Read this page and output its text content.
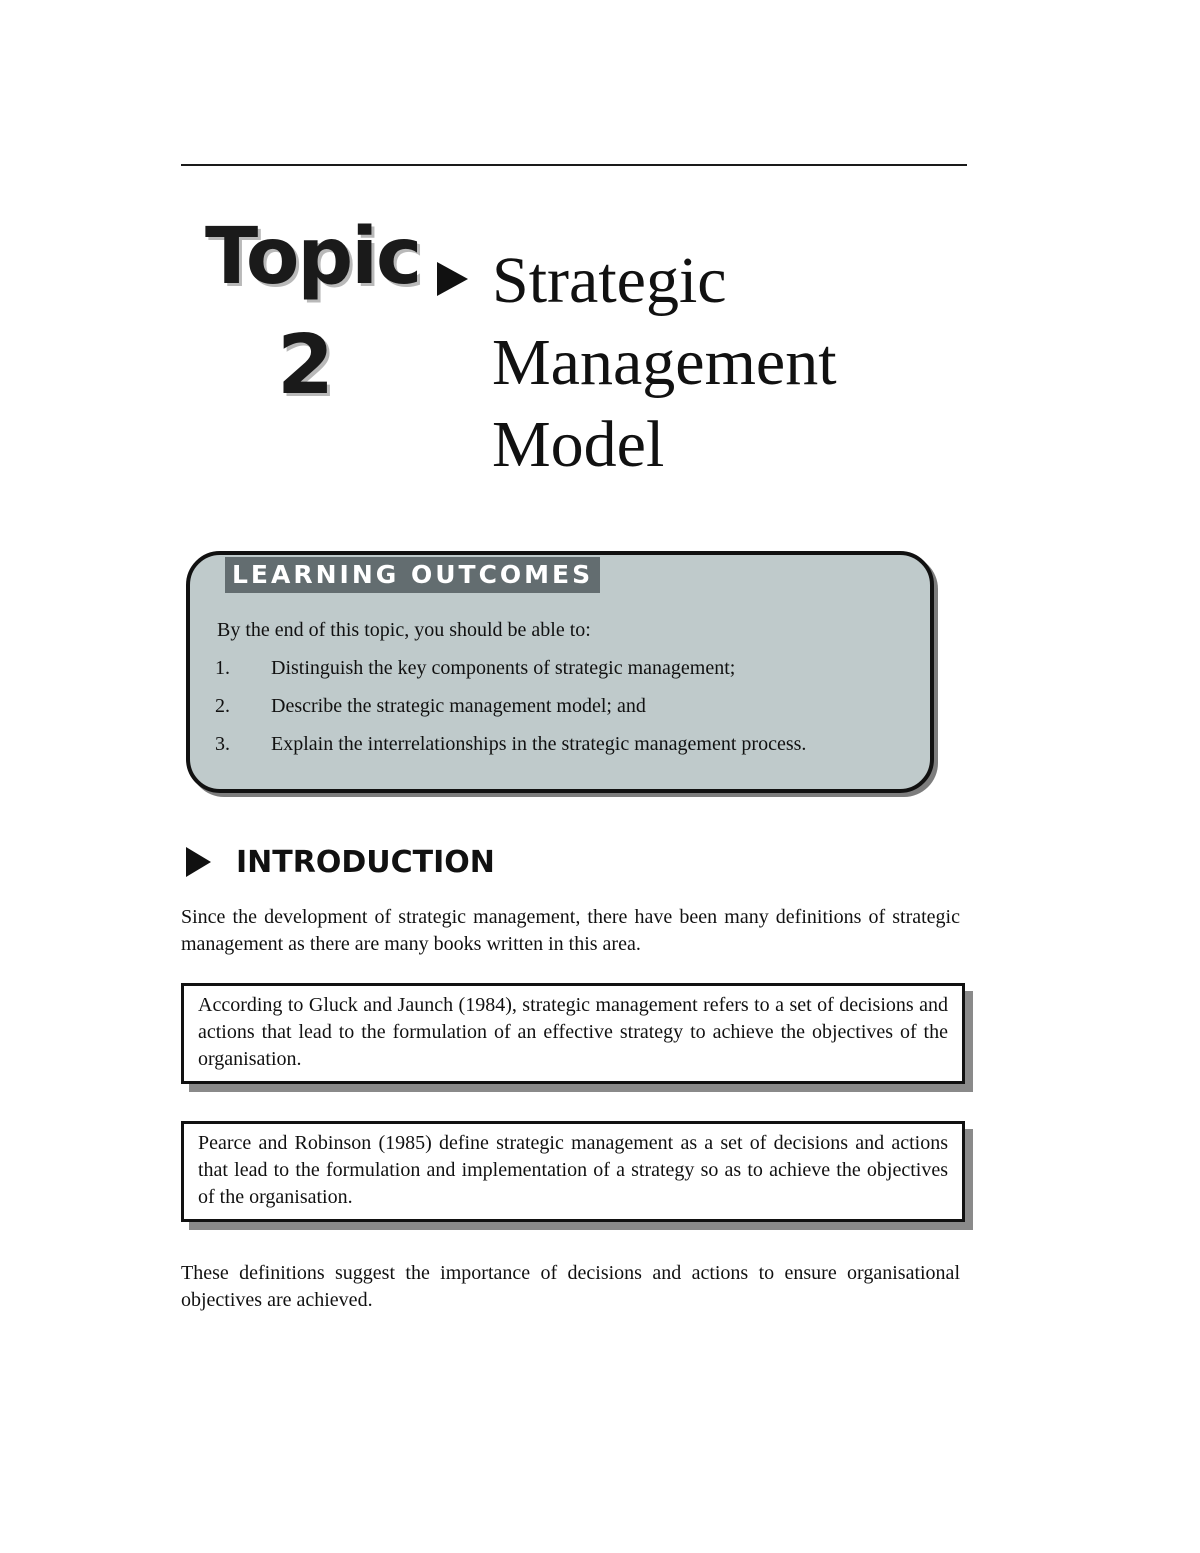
Topic
2
Strategic
Management
Model
LEARNING OUTCOMES
By the end of this topic, you should be able to:
1. Distinguish the key components of strategic management;
2. Describe the strategic management model; and
3. Explain the interrelationships in the strategic management process.
INTRODUCTION
Since the development of strategic management, there have been many definitions of strategic management as there are many books written in this area.
According to Gluck and Jaunch (1984), strategic management refers to a set of decisions and actions that lead to the formulation of an effective strategy to achieve the objectives of the organisation.
Pearce and Robinson (1985) define strategic management as a set of decisions and actions that lead to the formulation and implementation of a strategy so as to achieve the objectives of the organisation.
These definitions suggest the importance of decisions and actions to ensure organisational objectives are achieved.
